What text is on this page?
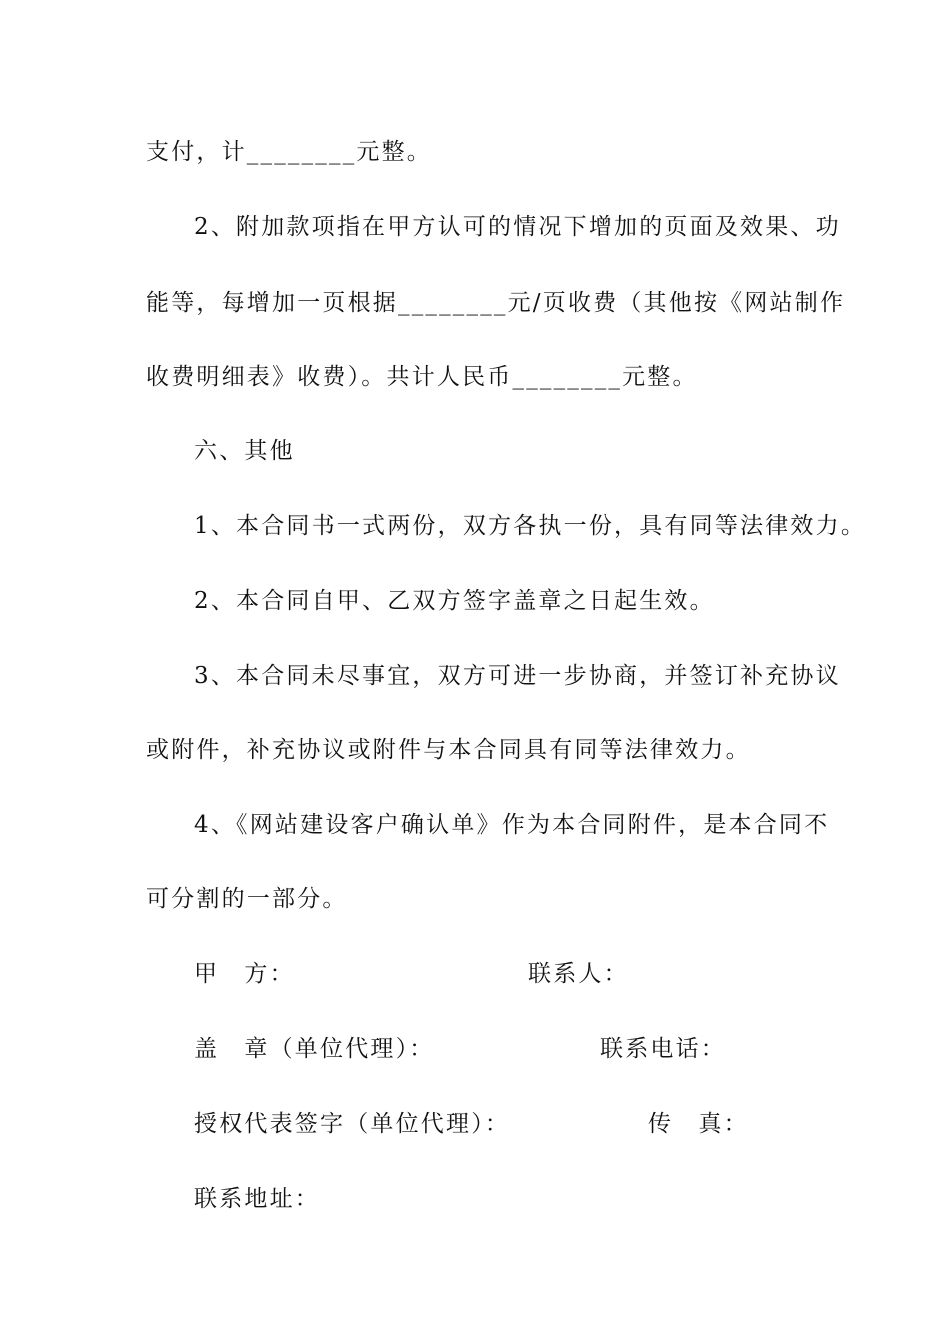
支付，计________元整。
2、附加款项指在甲方认可的情况下增加的页面及效果、功
能等，每增加一页根据________元/页收费（其他按《网站制作
收费明细表》收费）。共计人民币________元整。
六、其他
1、本合同书一式两份，双方各执一份，具有同等法律效力。
2、本合同自甲、乙双方签字盖章之日起生效。
3、本合同未尽事宜，双方可进一步协商，并签订补充协议
或附件，补充协议或附件与本合同具有同等法律效力。
4、《网站建设客户确认单》作为本合同附件，是本合同不
可分割的一部分。
甲　方：	联系人：
盖　章（单位代理）：	联系电话：
授权代表签字（单位代理）：	传　真：
联系地址：
